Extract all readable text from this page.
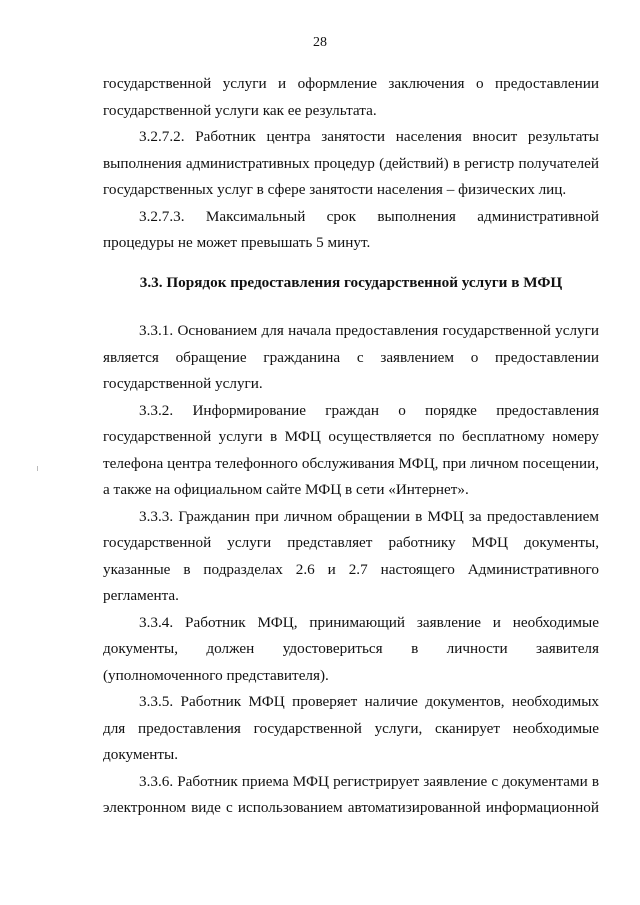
28

государственной услуги и оформление заключения о предоставлении государственной услуги как ее результата.

3.2.7.2. Работник центра занятости населения вносит результаты выполнения административных процедур (действий) в регистр получателей государственных услуг в сфере занятости населения – физических лиц.

3.2.7.3. Максимальный срок выполнения административной процедуры не может превышать 5 минут.

3.3. Порядок предоставления государственной услуги в МФЦ

3.3.1. Основанием для начала предоставления государственной услуги является обращение гражданина с заявлением о предоставлении государственной услуги.

3.3.2. Информирование граждан о порядке предоставления государственной услуги в МФЦ осуществляется по бесплатному номеру телефона центра телефонного обслуживания МФЦ, при личном посещении, а также на официальном сайте МФЦ в сети «Интернет».

3.3.3. Гражданин при личном обращении в МФЦ за предоставлением государственной услуги представляет работнику МФЦ документы, указанные в подразделах 2.6 и 2.7 настоящего Административного регламента.

3.3.4. Работник МФЦ, принимающий заявление и необходимые документы, должен удостовериться в личности заявителя (уполномоченного представителя).

3.3.5. Работник МФЦ проверяет наличие документов, необходимых для предоставления государственной услуги, сканирует необходимые документы.

3.3.6. Работник приема МФЦ регистрирует заявление с документами в электронном виде с использованием автоматизированной информационной
